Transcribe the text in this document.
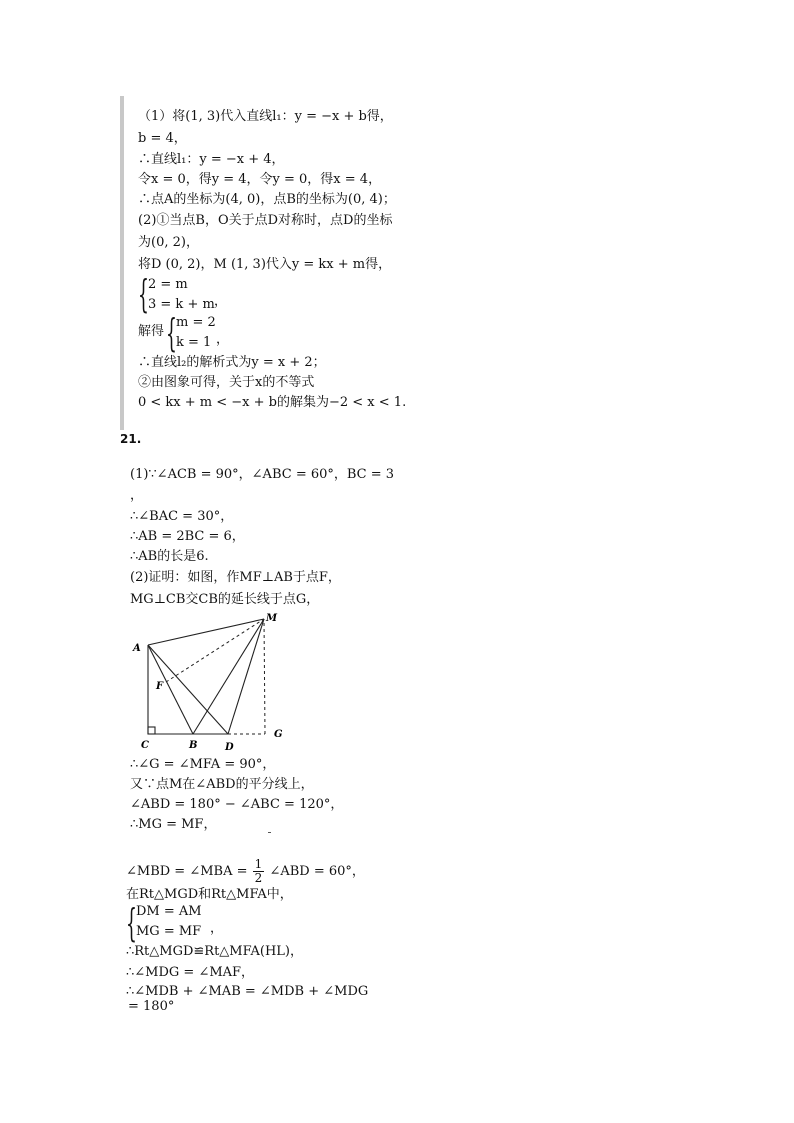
（1）将(1, 3)代入直线l₁：y = −x + b得，
b = 4，
∴直线l₁：y = −x + 4，
令x = 0，得y = 4，令y = 0，得x = 4，
∴点A的坐标为(4, 0)，点B的坐标为(0, 4)；
(2)①当点B，O关于点D对称时，点D的坐标
为(0, 2)，
将D (0, 2)，M (1, 3)代入y = kx + m得，
{ 2 = m
3 = k + m ，
解得 { m = 2
k = 1 ，
∴直线l₂的解析式为y = x + 2；
②由图象可得，关于x的不等式
0 < kx + m < −x + b的解集为−2 < x < 1.
21.
(1)∵∠ACB = 90°，∠ABC = 60°，BC = 3
，
∴∠BAC = 30°，
∴AB = 2BC = 6，
∴AB的长是6.
(2)证明：如图，作MF⊥AB于点F，
MG⊥CB交CB的延长线于点G，
A
C	B	D
G
M
F
∴∠G = ∠MFA = 90°，
又∵点M在∠ABD的平分线上，
∠ABD = 180° − ∠ABC = 120°，
∴MG = MF，
∠MBD = ∠MBA = $\frac{1}{2}$ ∠ABD = 60°，
在Rt△MGD和Rt△MFA中，
{ DM = AM
MG = MF ，
∴Rt△MGD≌Rt△MFA(HL)，
∴∠MDG = ∠MAF，
∴∠MDB + ∠MAB = ∠MDB + ∠MDG
= 180°
